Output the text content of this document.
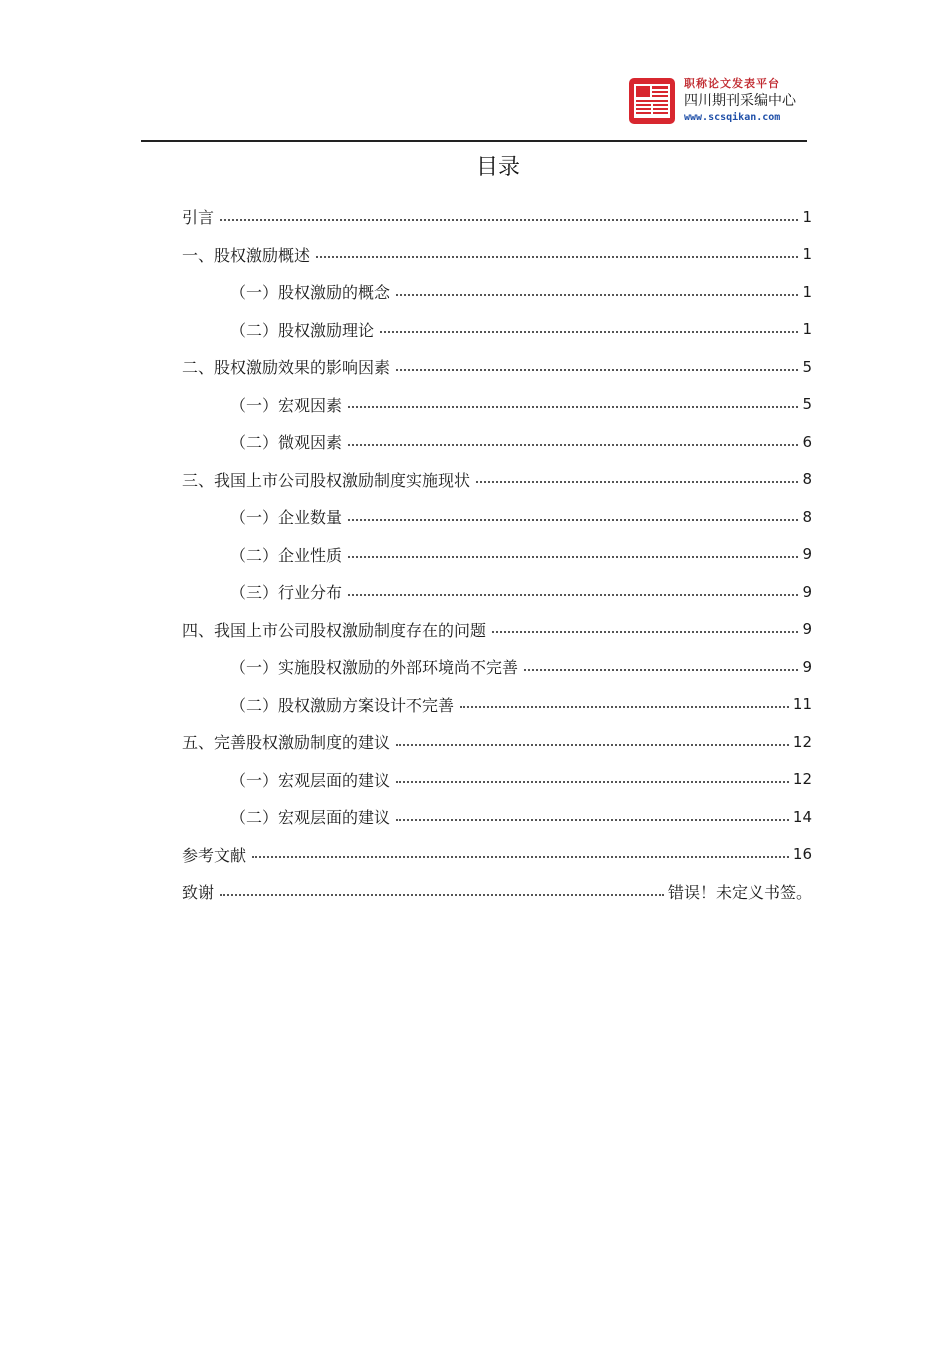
职称论文发表平台
四川期刊采编中心
www.scsqikan.com
目录
引言	1
一、股权激励概述	1
（一）股权激励的概念	1
（二）股权激励理论	1
二、股权激励效果的影响因素	5
（一）宏观因素	5
（二）微观因素	6
三、我国上市公司股权激励制度实施现状	8
（一）企业数量	8
（二）企业性质	9
（三）行业分布	9
四、我国上市公司股权激励制度存在的问题	9
（一）实施股权激励的外部环境尚不完善	9
（二）股权激励方案设计不完善	11
五、完善股权激励制度的建议	12
（一）宏观层面的建议	12
（二）宏观层面的建议	14
参考文献	16
致谢	错误！未定义书签。
